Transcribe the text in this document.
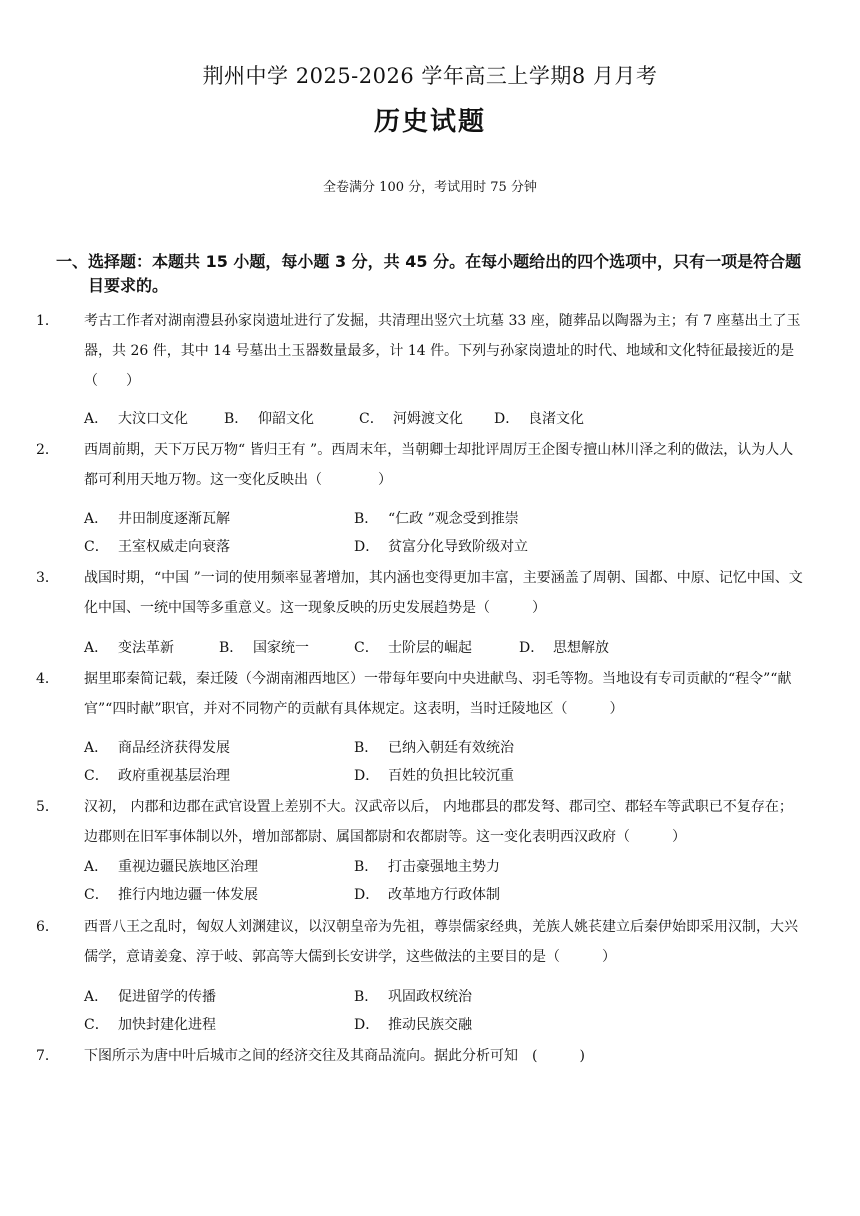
荆州中学 2025-2026 学年高三上学期8 月月考
历史试题
全卷满分 100 分，考试用时 75 分钟
一、选择题：本题共 15 小题，每小题 3 分，共 45 分。在每小题给出的四个选项中，只有一项是符合题目要求的。
1． 考古工作者对湖南澧县孙家岗遗址进行了发掘，共清理出竖穴土坑墓 33 座，随葬品以陶器为主；有 7 座墓出土了玉器，共 26 件，其中 14 号墓出土玉器数量最多，计 14 件。下列与孙家岗遗址的时代、地域和文化特征最接近的是（　　）
A． 大汶口文化	B． 仰韶文化	C． 河姆渡文化 D． 良渚文化
2． 西周前期，天下万民万物“ 皆归王有 ”。西周末年，当朝卿士却批评周厉王企图专擅山林川泽之利的做法，认为人人都可利用天地万物。这一变化反映出（　　　　）
A． 井田制度逐渐瓦解	B． “仁政 ”观念受到推崇
C． 王室权威走向衰落	D． 贫富分化导致阶级对立
3． 战国时期，“中国 ”一词的使用频率显著增加，其内涵也变得更加丰富，主要涵盖了周朝、国都、中原、记忆中国、文化中国、一统中国等多重意义。这一现象反映的历史发展趋势是（　　　）
A． 变法革新	B． 国家统一	C． 士阶层的崛起	D． 思想解放
4． 据里耶秦简记载，秦迁陵（今湖南湘西地区）一带每年要向中央进献鸟、羽毛等物。当地设有专司贡献的“程令”“献官”“四时献”职官，并对不同物产的贡献有具体规定。这表明，当时迁陵地区（　　　）
A． 商品经济获得发展	B． 已纳入朝廷有效统治
C． 政府重视基层治理	D． 百姓的负担比较沉重
5． 汉初， 内郡和边郡在武官设置上差别不大。汉武帝以后， 内地郡县的郡发弩、郡司空、郡轻车等武职已不复存在；边郡则在旧军事体制以外，增加部都尉、属国都尉和农都尉等。这一变化表明西汉政府（　　　）
A． 重视边疆民族地区治理	B． 打击豪强地主势力
C． 推行内地边疆一体发展	D． 改革地方行政体制
6． 西晋八王之乱时，匈奴人刘渊建议，以汉朝皇帝为先祖，尊崇儒家经典，羌族人姚苌建立后秦伊始即采用汉制，大兴儒学，意请姜龛、淳于岐、郭高等大儒到长安讲学，这些做法的主要目的是（　　　）
A． 促进留学的传播	B． 巩固政权统治
C． 加快封建化进程	D． 推动民族交融
7． 下图所示为唐中叶后城市之间的经济交往及其商品流向。据此分析可知　(　　　)
